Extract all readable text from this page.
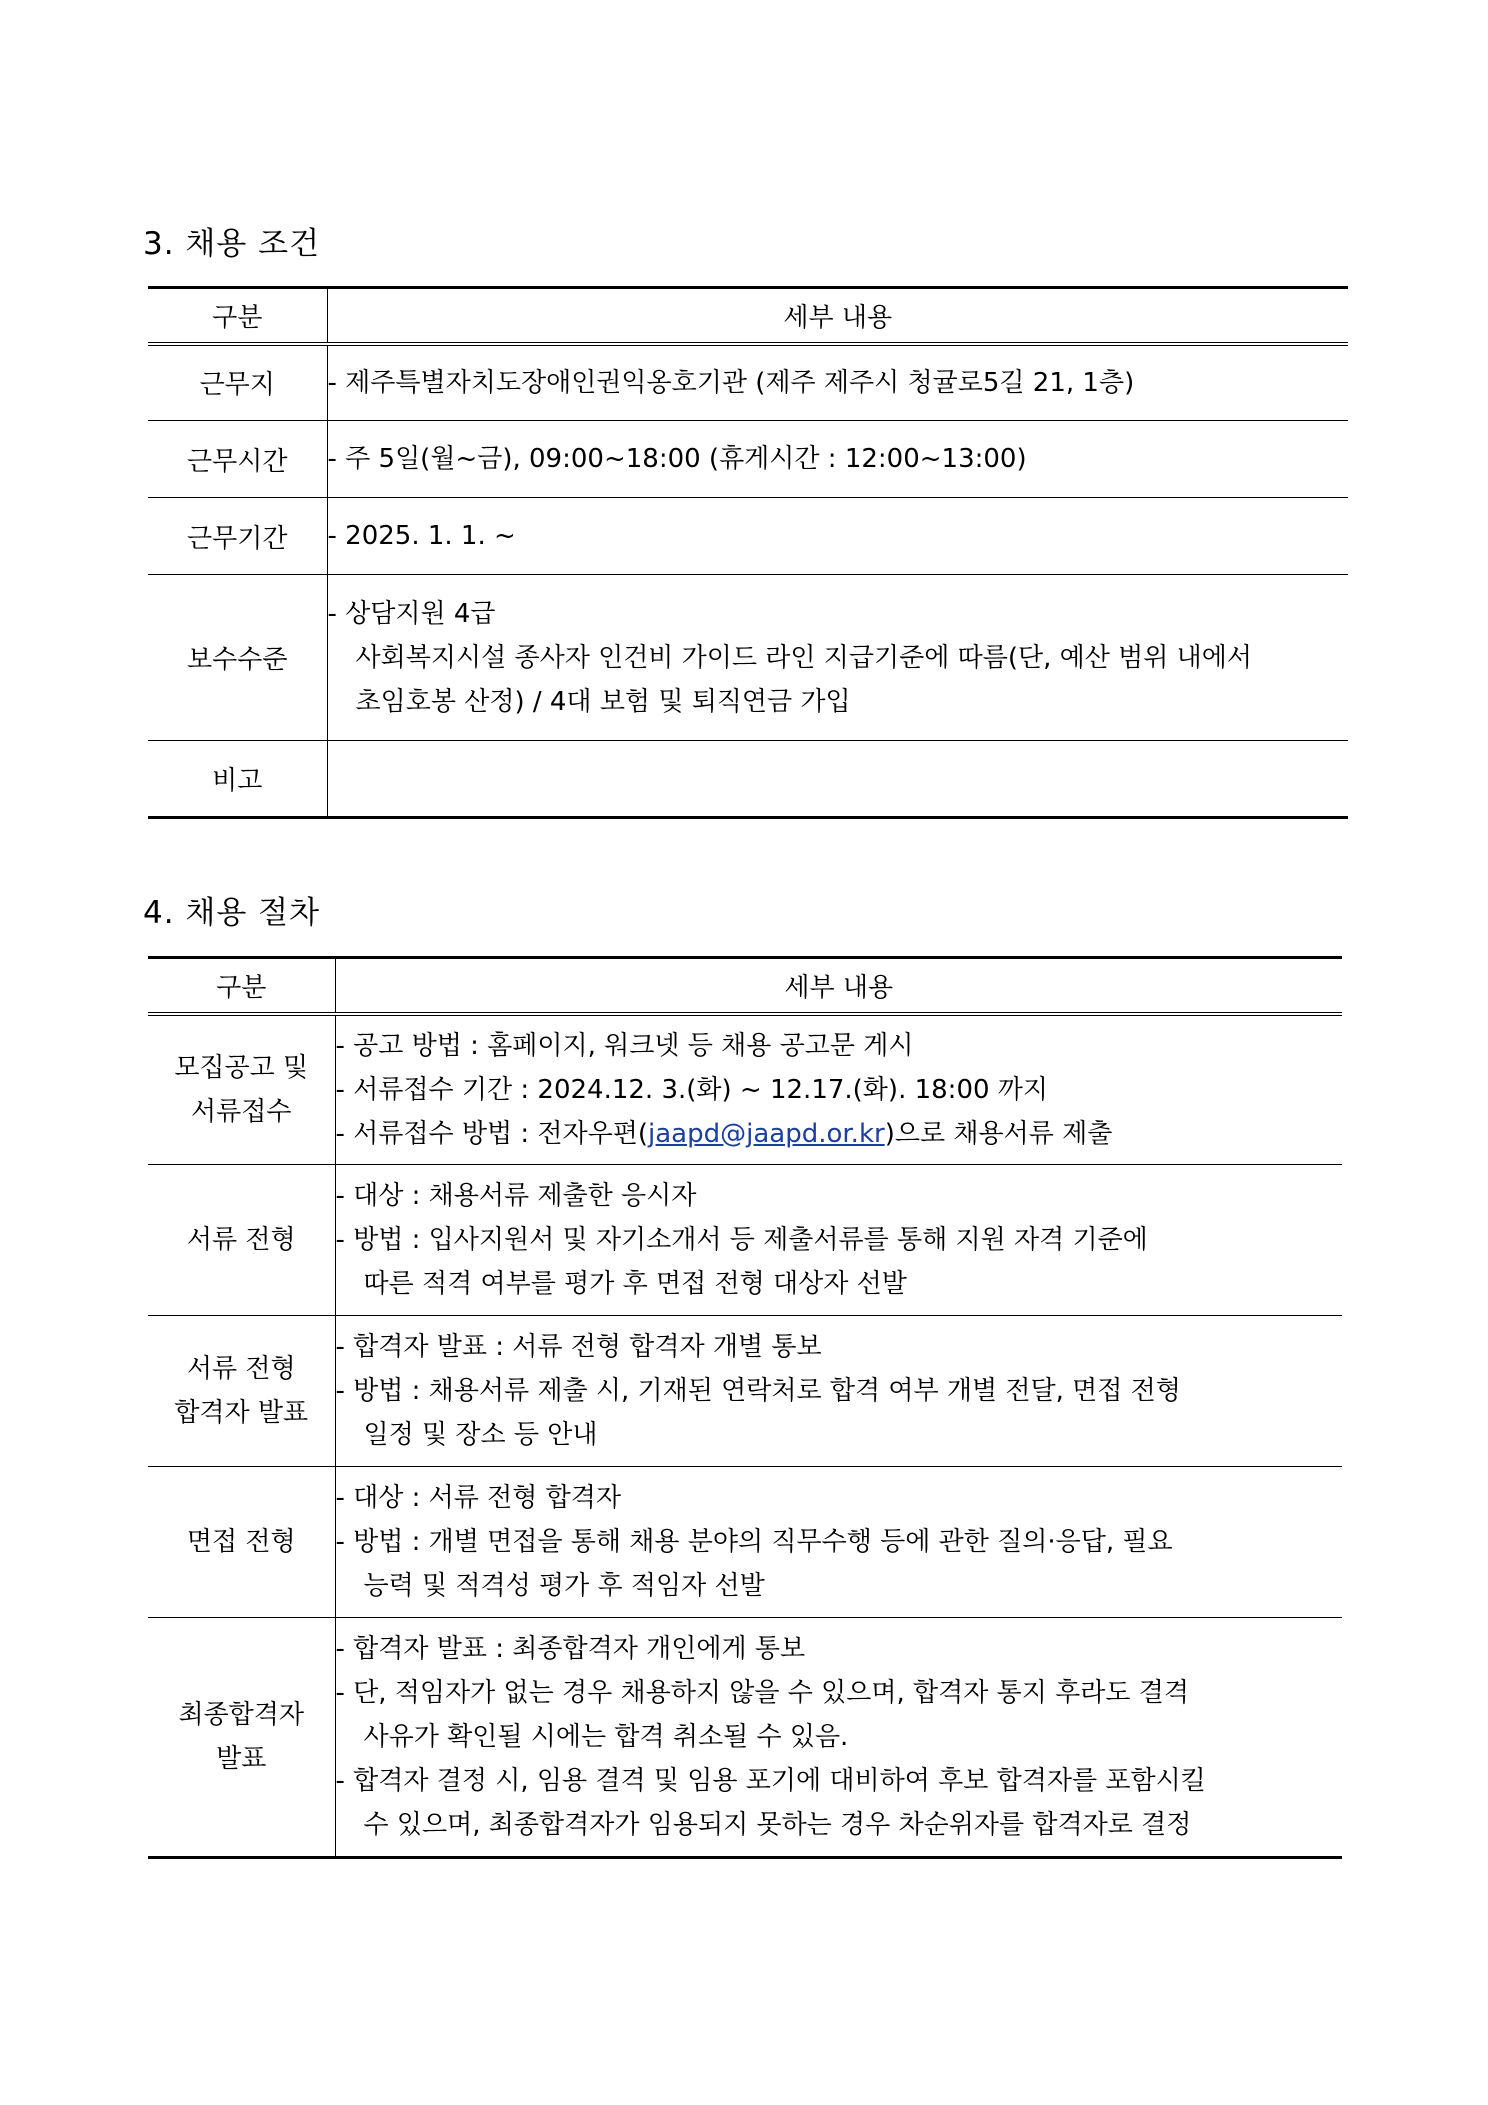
3. 채용 조건
구분	세부 내용
근무지	- 제주특별자치도장애인권익옹호기관 (제주 제주시 청귤로5길 21, 1층)

근무시간	- 주 5일(월~금), 09:00~18:00 (휴게시간 : 12:00~13:00)

근무기간	- 2025. 1. 1. ~

보수수준	- 상담지원 4급
사회복지시설 종사자 인건비 가이드 라인 지급기준에 따름(단, 예산 범위 내에서
초임호봉 산정) / 4대 보험 및 퇴직연금 가입

비고	
4. 채용 절차
구분	세부 내용

모집공고 및
서류접수	- 공고 방법 : 홈페이지, 워크넷 등 채용 공고문 게시
- 서류접수 기간 : 2024.12. 3.(화) ~ 12.17.(화). 18:00 까지
- 서류접수 방법 : 전자우편(jaapd@jaapd.or.kr)으로 채용서류 제출

서류 전형	- 대상 : 채용서류 제출한 응시자
- 방법 : 입사지원서 및 자기소개서 등 제출서류를 통해 지원 자격 기준에
따른 적격 여부를 평가 후 면접 전형 대상자 선발

서류 전형
합격자 발표	- 합격자 발표 : 서류 전형 합격자 개별 통보
- 방법 : 채용서류 제출 시, 기재된 연락처로 합격 여부 개별 전달, 면접 전형
일정 및 장소 등 안내

면접 전형	- 대상 : 서류 전형 합격자
- 방법 : 개별 면접을 통해 채용 분야의 직무수행 등에 관한 질의·응답, 필요
능력 및 적격성 평가 후 적임자 선발

최종합격자
발표	- 합격자 발표 : 최종합격자 개인에게 통보
- 단, 적임자가 없는 경우 채용하지 않을 수 있으며, 합격자 통지 후라도 결격
사유가 확인될 시에는 합격 취소될 수 있음.
- 합격자 결정 시, 임용 결격 및 임용 포기에 대비하여 후보 합격자를 포함시킬
수 있으며, 최종합격자가 임용되지 못하는 경우 차순위자를 합격자로 결정
